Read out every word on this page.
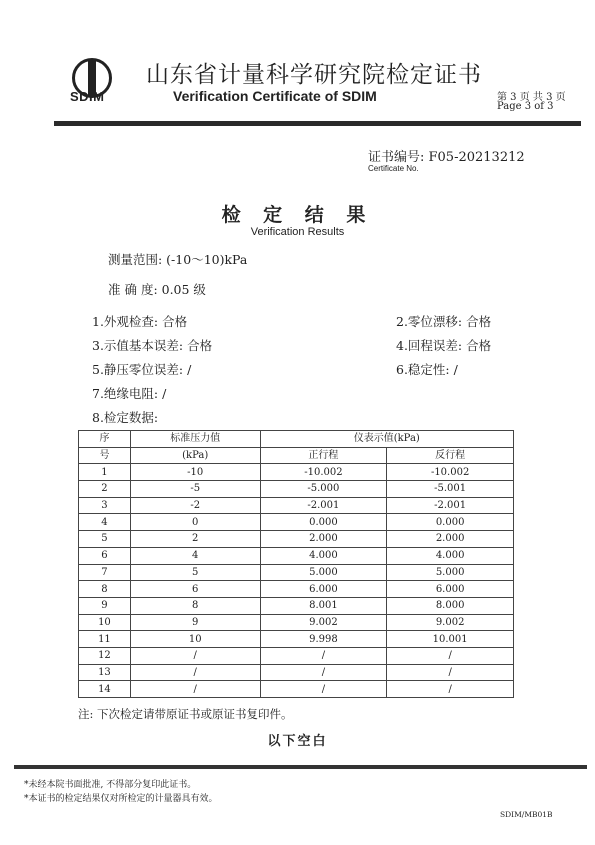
SDIM
山东省计量科学研究院检定证书
Verification Certificate of SDIM	第 3 页 共 3 页
Page 3 of 3
证书编号: F05-20213212
Certificate No.
检 定 结 果
Verification Results
测量范围: (-10～10)kPa
准 确 度: 0.05 级
1.外观检查: 合格	2.零位漂移: 合格
3.示值基本误差: 合格	4.回程误差: 合格
5.静压零位误差: /	6.稳定性: /
7.绝缘电阻: /
8.检定数据:
序	标准压力值	仪表示值(kPa)	
号	(kPa)	正行程	反行程
1	-10	-10.002	-10.002
2	-5	-5.000	-5.001
3	-2	-2.001	-2.001
4	0	0.000	0.000
5	2	2.000	2.000
6	4	4.000	4.000
7	5	5.000	5.000
8	6	6.000	6.000
9	8	8.001	8.000
10	9	9.002	9.002
11	10	9.998	10.001
12	/	/	/
13	/	/	/
14	/	/	/
注: 下次检定请带原证书或原证书复印件。
以下空白
*未经本院书面批准, 不得部分复印此证书。
*本证书的检定结果仅对所检定的计量器具有效。
SDIM/MB01B
